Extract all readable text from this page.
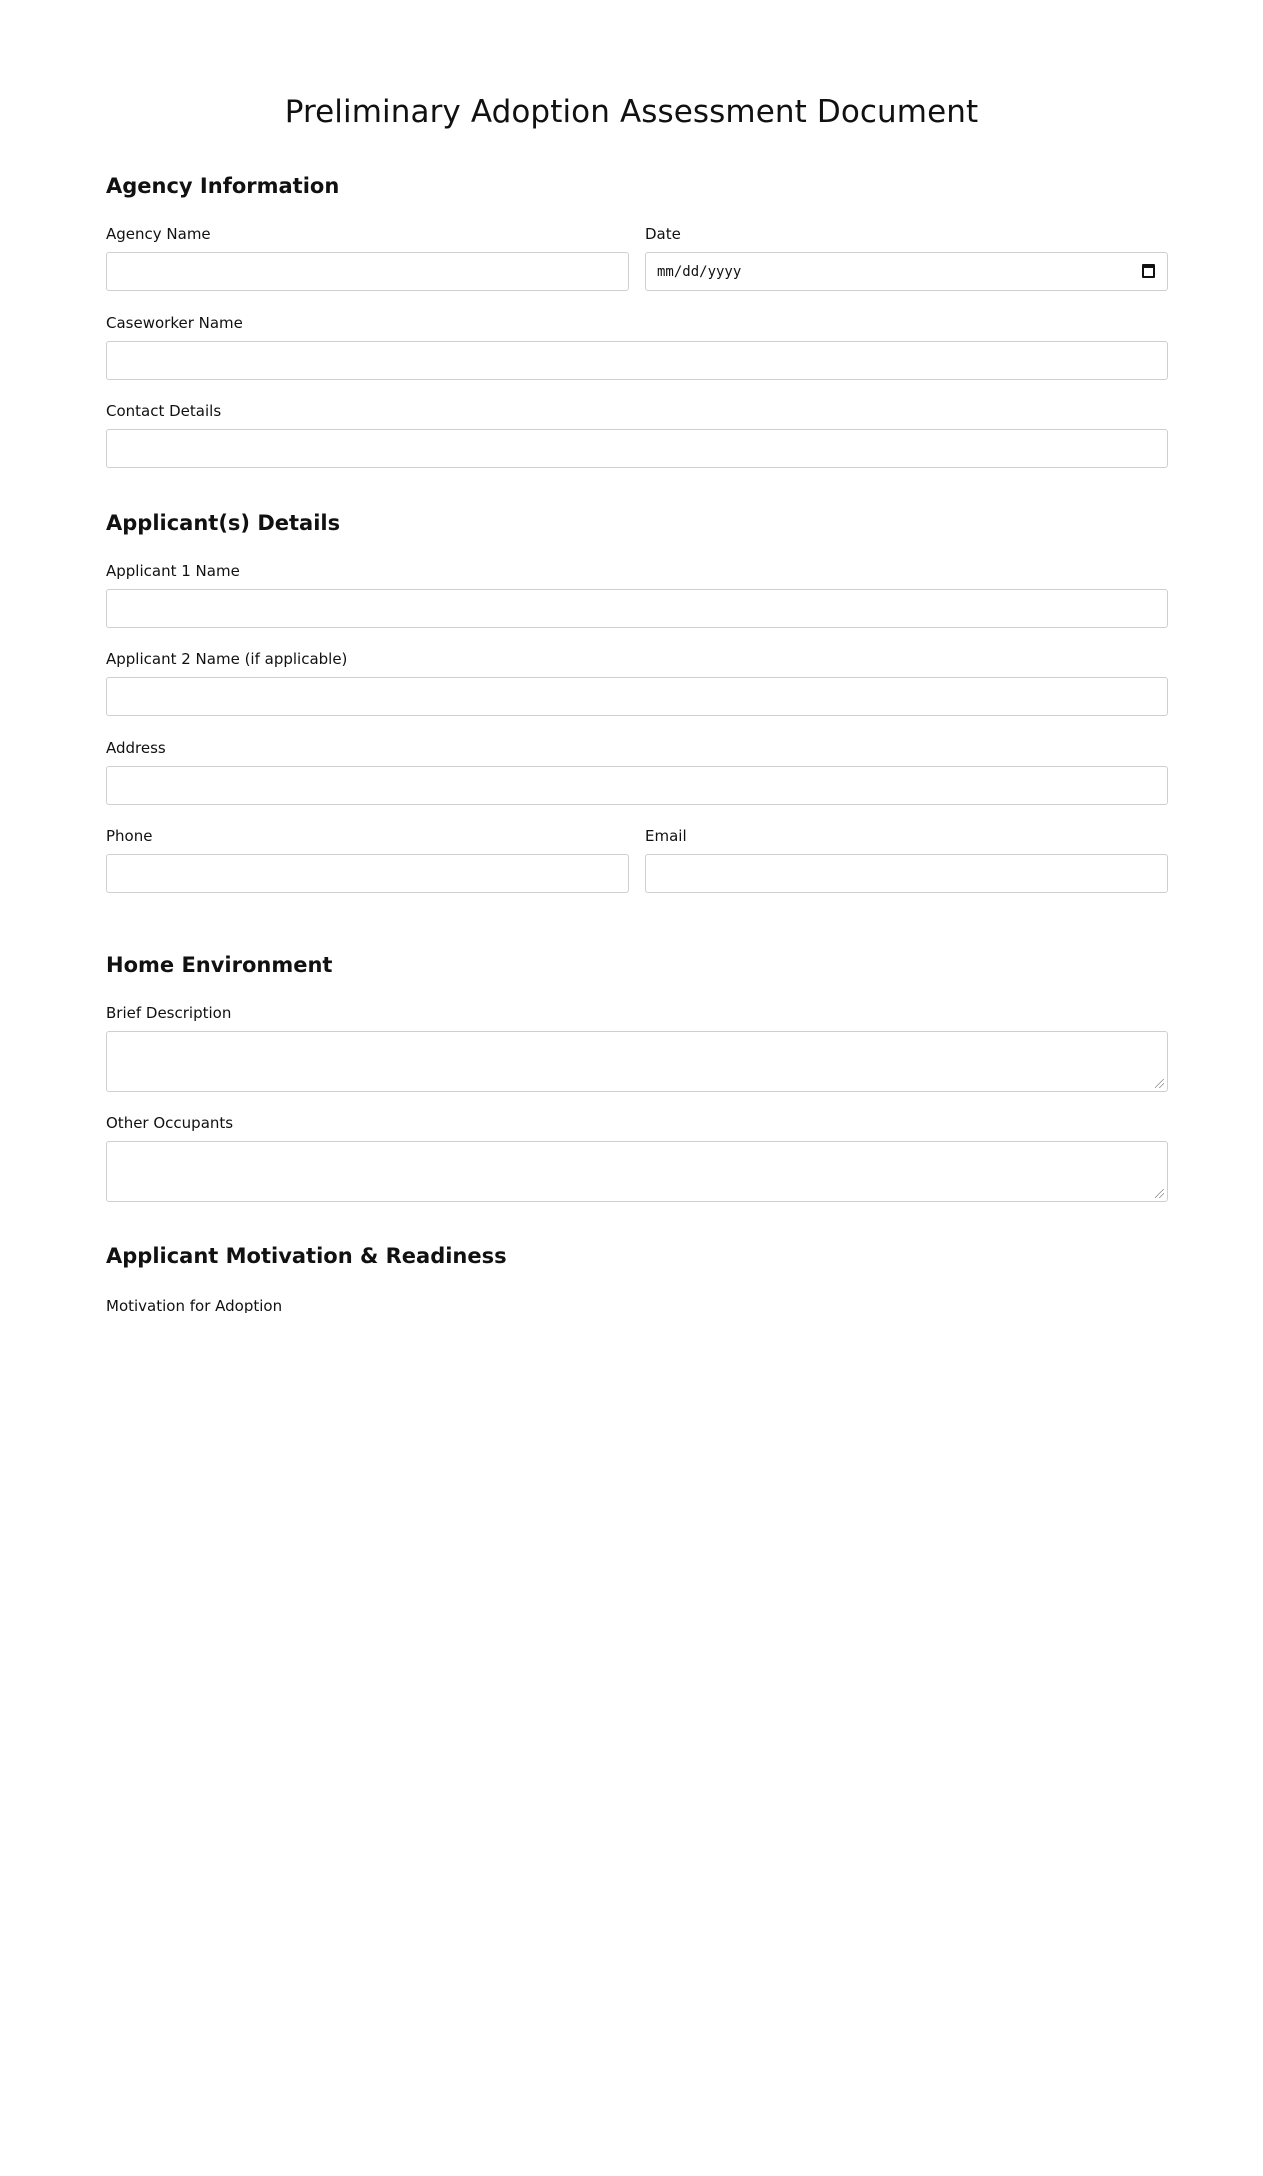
Preliminary Adoption Assessment Document
Agency Information
Agency Name	Date
mm/dd/yyyy
Caseworker Name
Contact Details
Applicant(s) Details
Applicant 1 Name
Applicant 2 Name (if applicable)
Address
Phone	Email
Home Environment
Brief Description
Other Occupants
Applicant Motivation & Readiness
Motivation for Adoption
